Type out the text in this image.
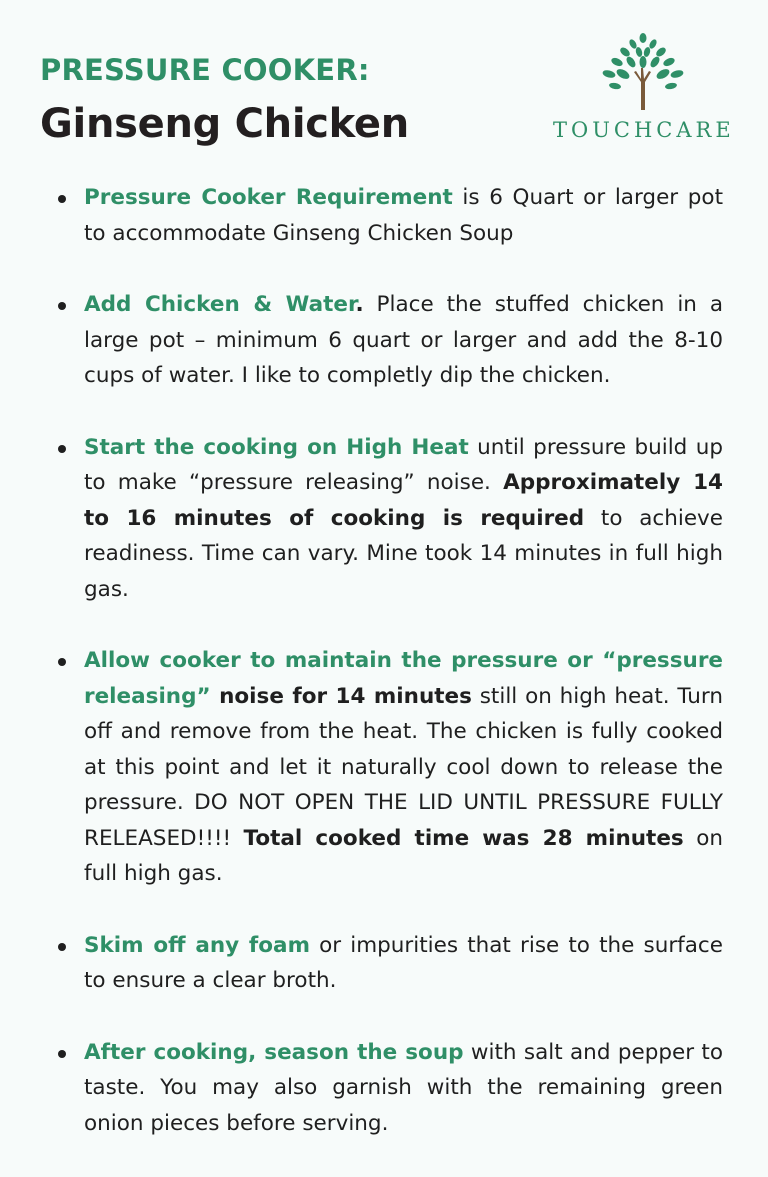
PRESSURE COOKER:
Ginseng Chicken	TOUCHCARE
Pressure Cooker Requirement is 6 Quart or larger pot to accommodate Ginseng Chicken Soup
Add Chicken & Water. Place the stuffed chicken in a large pot – minimum 6 quart or larger and add the 8-10 cups of water. I like to completly dip the chicken.
Start the cooking on High Heat until pressure build up to make “pressure releasing” noise. Approximately 14 to 16 minutes of cooking is required to achieve readiness. Time can vary. Mine took 14 minutes in full high gas.
Allow cooker to maintain the pressure or “pressure releasing” noise for 14 minutes still on high heat. Turn off and remove from the heat. The chicken is fully cooked at this point and let it naturally cool down to release the pressure. DO NOT OPEN THE LID UNTIL PRESSURE FULLY RELEASED!!!! Total cooked time was 28 minutes on full high gas.
Skim off any foam or impurities that rise to the surface to ensure a clear broth.
After cooking, season the soup with salt and pepper to taste. You may also garnish with the remaining green onion pieces before serving.
